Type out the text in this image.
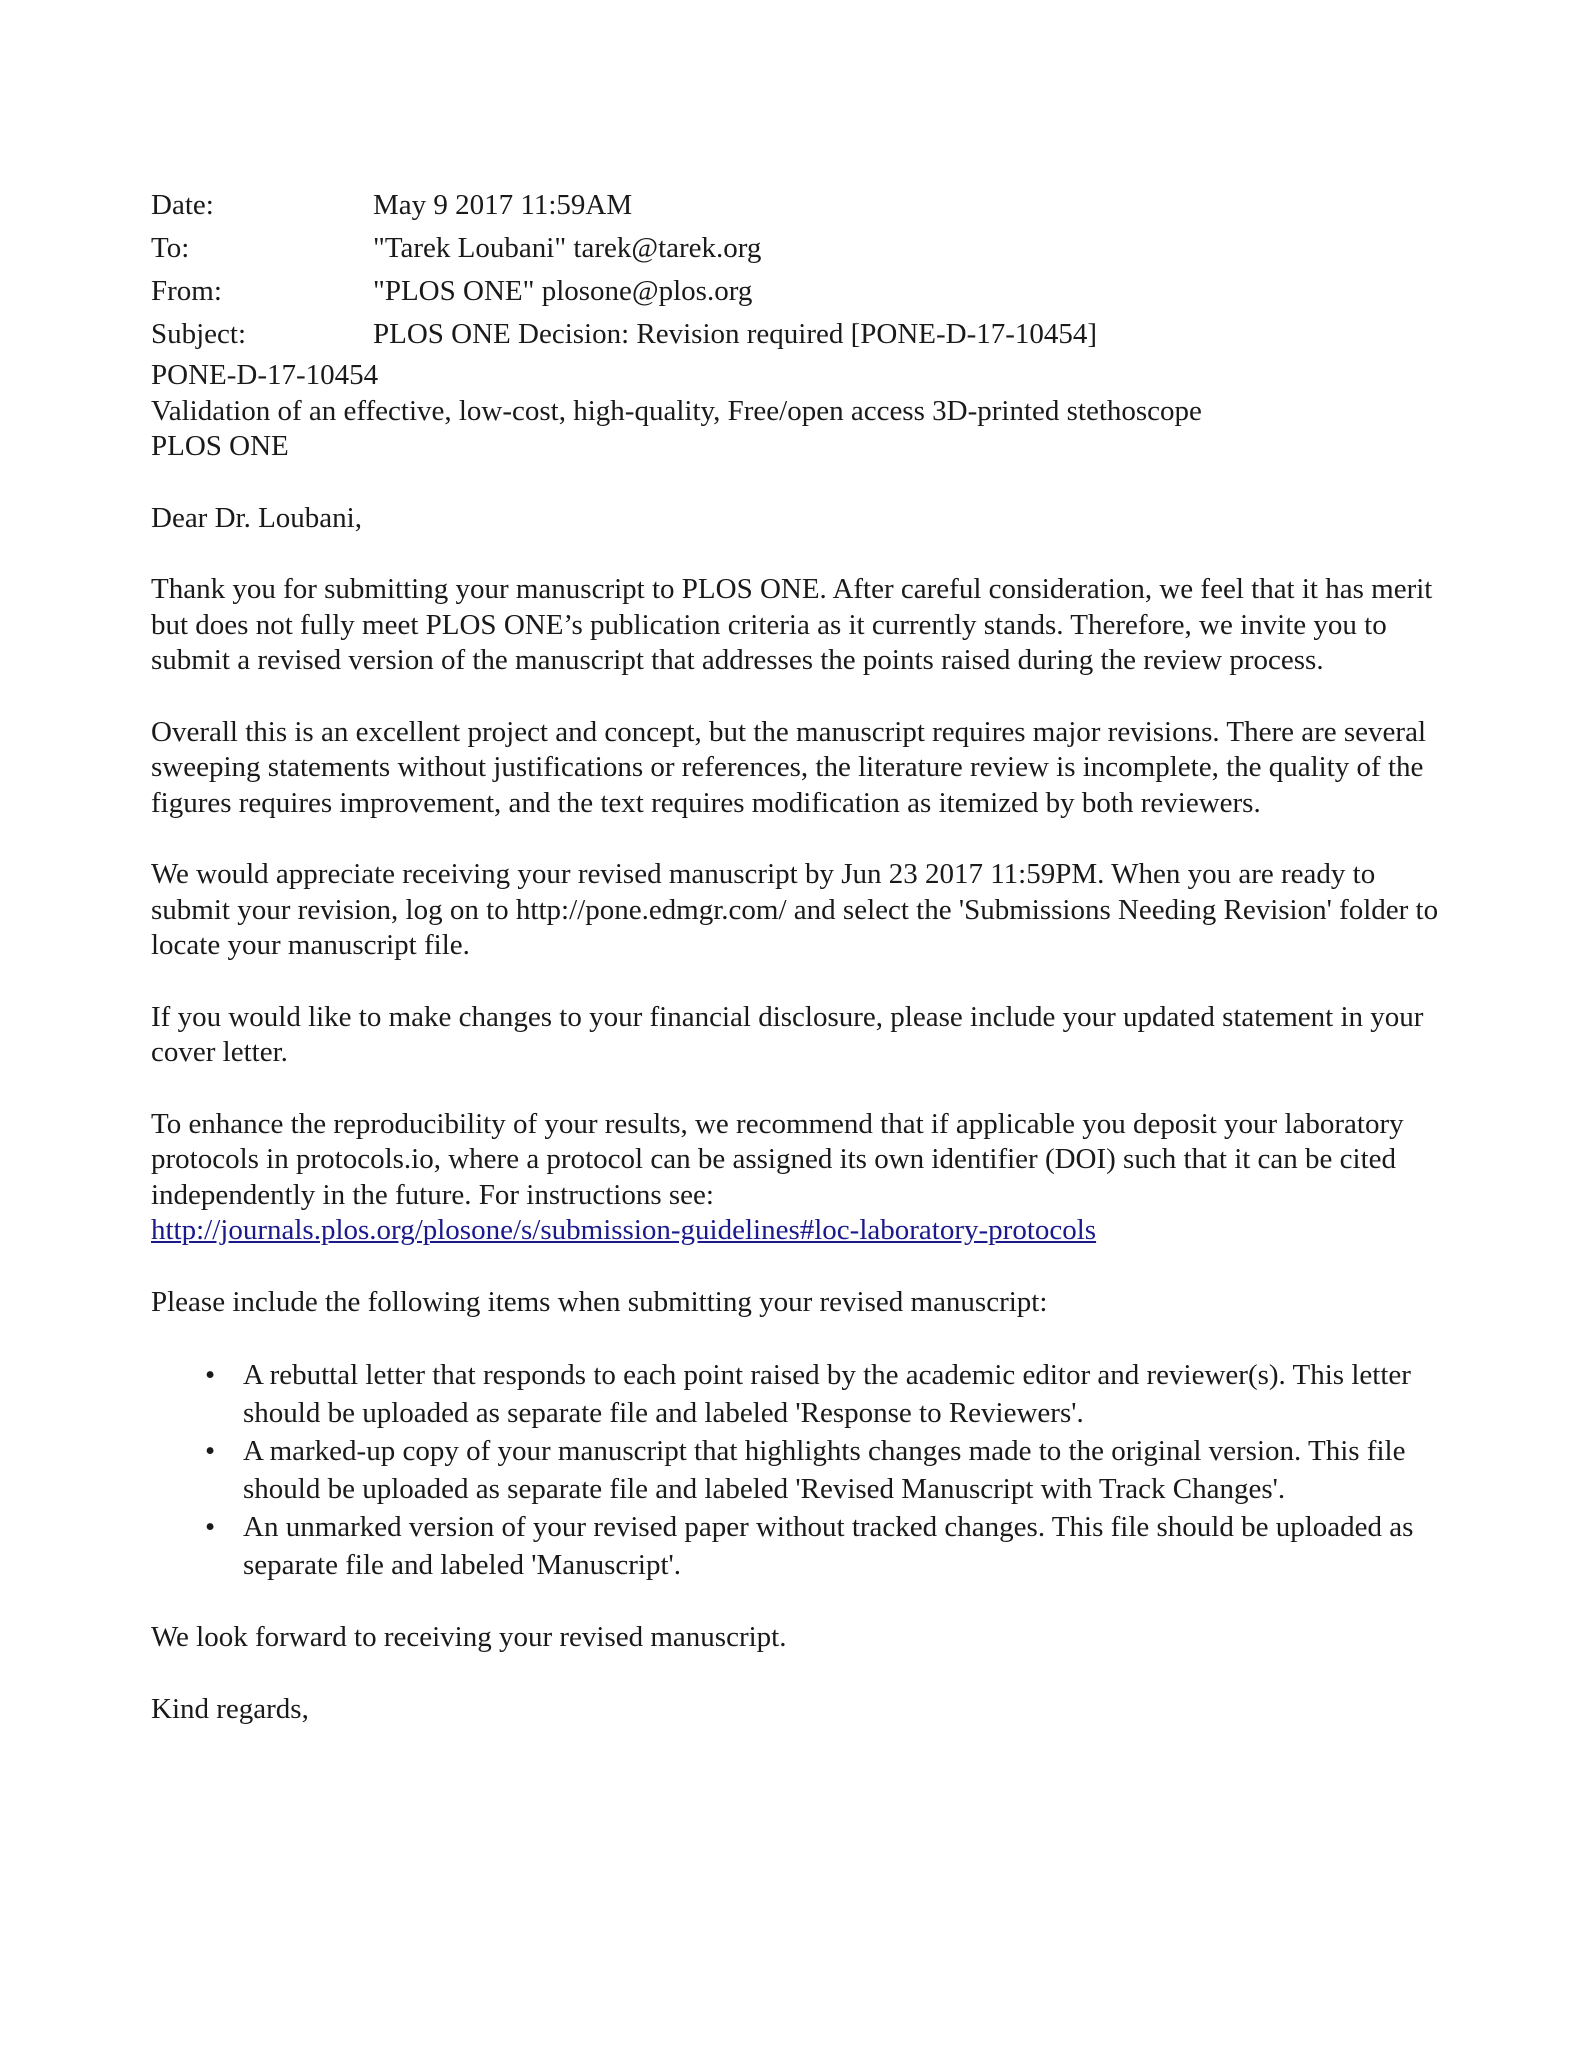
Date:	May 9 2017 11:59AM
To:	"Tarek Loubani" tarek@tarek.org
From:	"PLOS ONE" plosone@plos.org
Subject:	PLOS ONE Decision: Revision required [PONE-D-17-10454]
PONE-D-17-10454
Validation of an effective, low-cost, high-quality, Free/open access 3D-printed stethoscope
PLOS ONE

Dear Dr. Loubani,

Thank you for submitting your manuscript to PLOS ONE. After careful consideration, we feel that it has merit but does not fully meet PLOS ONE’s publication criteria as it currently stands. Therefore, we invite you to submit a revised version of the manuscript that addresses the points raised during the review process.

Overall this is an excellent project and concept, but the manuscript requires major revisions. There are several sweeping statements without justifications or references, the literature review is incomplete, the quality of the figures requires improvement, and the text requires modification as itemized by both reviewers.

We would appreciate receiving your revised manuscript by Jun 23 2017 11:59PM. When you are ready to submit your revision, log on to http://pone.edmgr.com/ and select the 'Submissions Needing Revision' folder to locate your manuscript file.

If you would like to make changes to your financial disclosure, please include your updated statement in your cover letter.

To enhance the reproducibility of your results, we recommend that if applicable you deposit your laboratory protocols in protocols.io, where a protocol can be assigned its own identifier (DOI) such that it can be cited independently in the future. For instructions see:
http://journals.plos.org/plosone/s/submission-guidelines#loc-laboratory-protocols

Please include the following items when submitting your revised manuscript:

• A rebuttal letter that responds to each point raised by the academic editor and reviewer(s). This letter should be uploaded as separate file and labeled 'Response to Reviewers'.
• A marked-up copy of your manuscript that highlights changes made to the original version. This file should be uploaded as separate file and labeled 'Revised Manuscript with Track Changes'.
• An unmarked version of your revised paper without tracked changes. This file should be uploaded as separate file and labeled 'Manuscript'.

We look forward to receiving your revised manuscript.

Kind regards,
